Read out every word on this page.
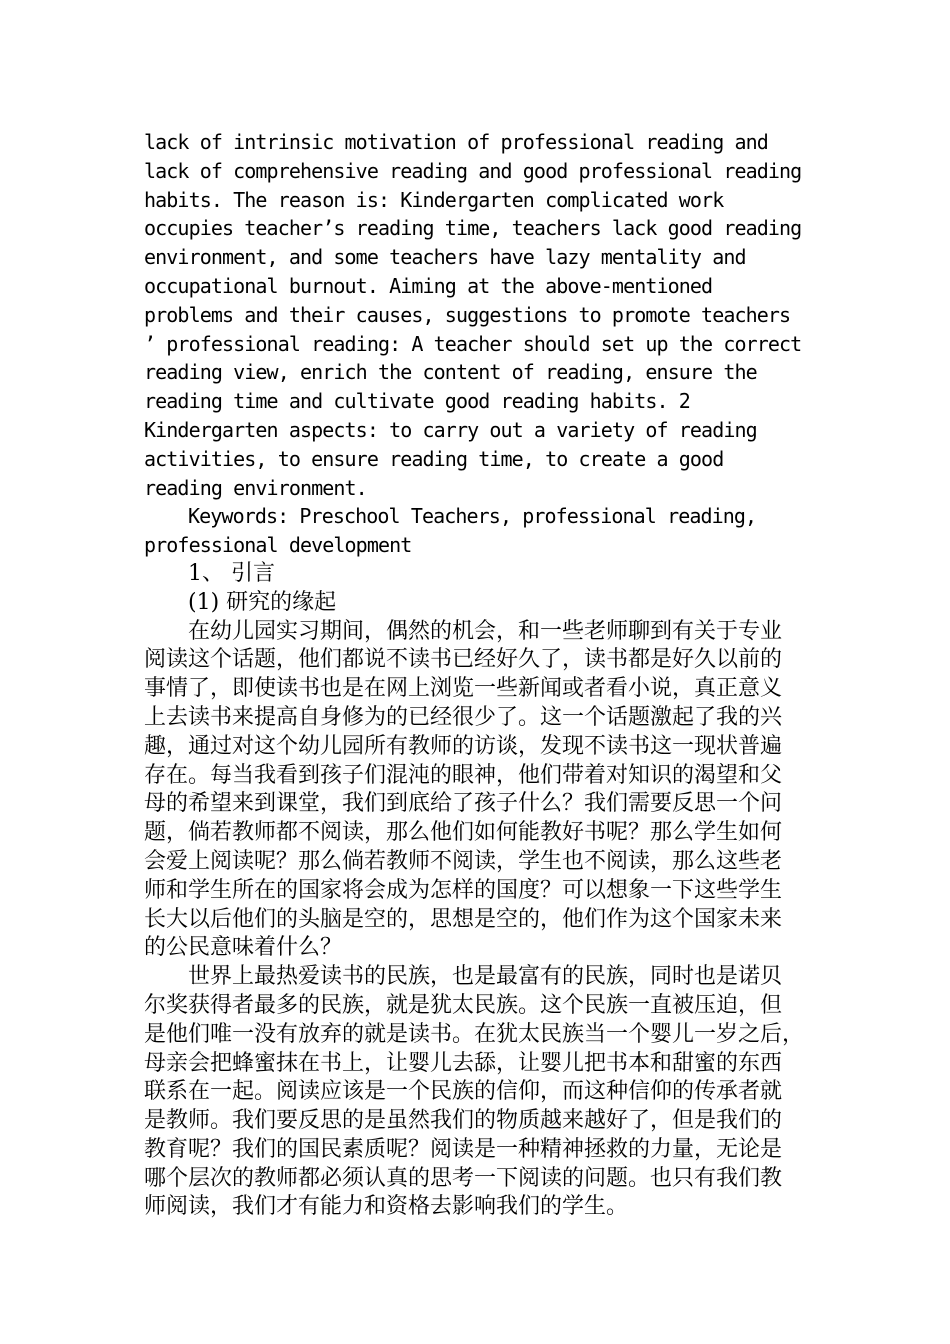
lack of intrinsic motivation of professional reading and
lack of comprehensive reading and good professional reading
habits. The reason is: Kindergarten complicated work
occupies teacher’s reading time, teachers lack good reading
environment, and some teachers have lazy mentality and
occupational burnout. Aiming at the above-mentioned
problems and their causes, suggestions to promote teachers
’ professional reading: A teacher should set up the correct
reading view, enrich the content of reading, ensure the
reading time and cultivate good reading habits. 2
Kindergarten aspects: to carry out a variety of reading
activities, to ensure reading time, to create a good
reading environment.
Keywords: Preschool Teachers, professional reading,
professional development
1、 引言
(1) 研究的缘起
在幼儿园实习期间，偶然的机会，和一些老师聊到有关于专业
阅读这个话题，他们都说不读书已经好久了，读书都是好久以前的
事情了，即使读书也是在网上浏览一些新闻或者看小说，真正意义
上去读书来提高自身修为的已经很少了。这一个话题激起了我的兴
趣，通过对这个幼儿园所有教师的访谈，发现不读书这一现状普遍
存在。每当我看到孩子们混沌的眼神，他们带着对知识的渴望和父
母的希望来到课堂，我们到底给了孩子什么？我们需要反思一个问
题，倘若教师都不阅读，那么他们如何能教好书呢？那么学生如何
会爱上阅读呢？那么倘若教师不阅读，学生也不阅读，那么这些老
师和学生所在的国家将会成为怎样的国度？可以想象一下这些学生
长大以后他们的头脑是空的，思想是空的，他们作为这个国家未来
的公民意味着什么？
世界上最热爱读书的民族，也是最富有的民族，同时也是诺贝
尔奖获得者最多的民族，就是犹太民族。这个民族一直被压迫，但
是他们唯一没有放弃的就是读书。在犹太民族当一个婴儿一岁之后，
母亲会把蜂蜜抹在书上，让婴儿去舔，让婴儿把书本和甜蜜的东西
联系在一起。阅读应该是一个民族的信仰，而这种信仰的传承者就
是教师。我们要反思的是虽然我们的物质越来越好了，但是我们的
教育呢？我们的国民素质呢？阅读是一种精神拯救的力量，无论是
哪个层次的教师都必须认真的思考一下阅读的问题。也只有我们教
师阅读，我们才有能力和资格去影响我们的学生。
